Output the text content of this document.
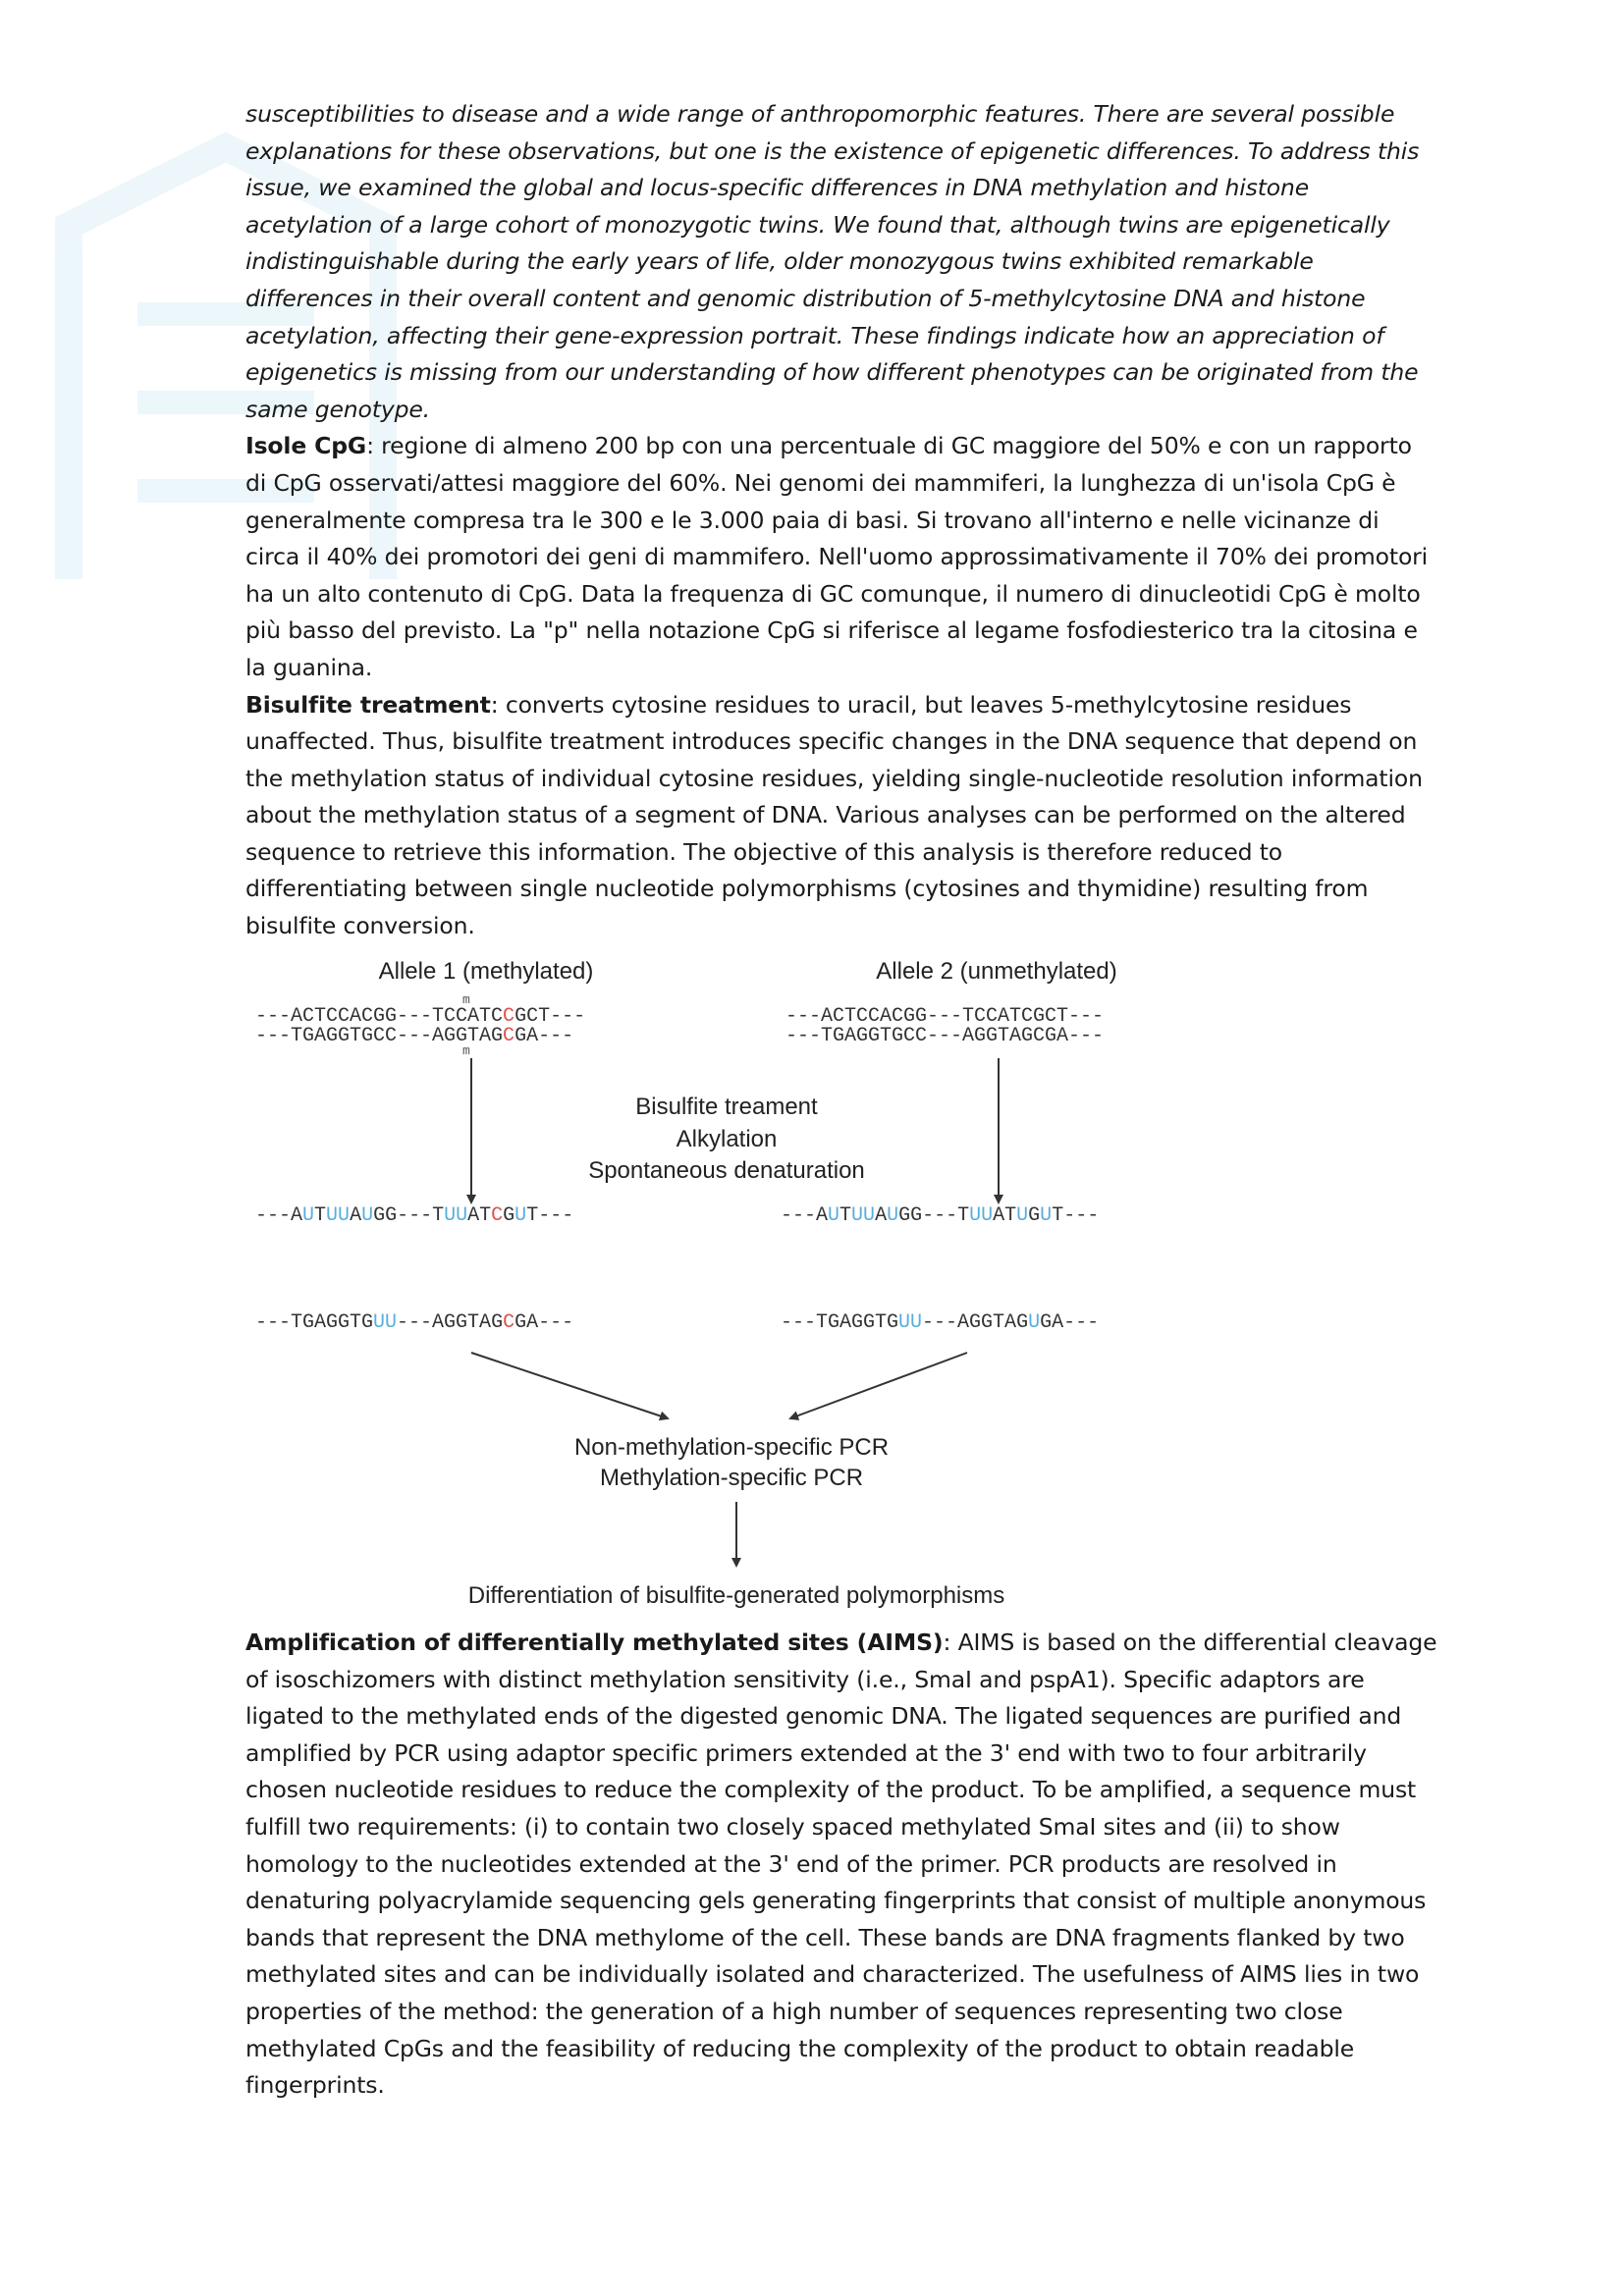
susceptibilities to disease and a wide range of anthropomorphic features. There are several possible explanations for these observations, but one is the existence of epigenetic differences. To address this issue, we examined the global and locus-specific differences in DNA methylation and histone acetylation of a large cohort of monozygotic twins. We found that, although twins are epigenetically indistinguishable during the early years of life, older monozygous twins exhibited remarkable differences in their overall content and genomic distribution of 5-methylcytosine DNA and histone acetylation, affecting their gene-expression portrait. These findings indicate how an appreciation of epigenetics is missing from our understanding of how different phenotypes can be originated from the same genotype.

Isole CpG: regione di almeno 200 bp con una percentuale di GC maggiore del 50% e con un rapporto di CpG osservati/attesi maggiore del 60%. Nei genomi dei mammiferi, la lunghezza di un'isola CpG è generalmente compresa tra le 300 e le 3.000 paia di basi. Si trovano all'interno e nelle vicinanze di circa il 40% dei promotori dei geni di mammifero. Nell'uomo approssimativamente il 70% dei promotori ha un alto contenuto di CpG. Data la frequenza di GC comunque, il numero di dinucleotidi CpG è molto più basso del previsto. La "p" nella notazione CpG si riferisce al legame fosfodiesterico tra la citosina e la guanina.

Bisulfite treatment: converts cytosine residues to uracil, but leaves 5-methylcytosine residues unaffected. Thus, bisulfite treatment introduces specific changes in the DNA sequence that depend on the methylation status of individual cytosine residues, yielding single-nucleotide resolution information about the methylation status of a segment of DNA. Various analyses can be performed on the altered sequence to retrieve this information. The objective of this analysis is therefore reduced to differentiating between single nucleotide polymorphisms (cytosines and thymidine) resulting from bisulfite conversion.

Allele 1 (methylated)	Allele 2 (unmethylated)
m
---ACTCCACGG---TCCATCCGCT---
---TGAGGTGCC---AGGTAGCGA---
m
---ACTCCACGG---TCCATCGCT---
---TGAGGTGCC---AGGTAGCGA---
Bisulfite treament
Alkylation
Spontaneous denaturation
---AUTUUAUGG---TUUATCGUT---	---AUTUUAUGG---TUUATUGUT---
---TGAGGTGUU---AGGTAGCGA---	---TGAGGTGUU---AGGTAGUGA---
Non-methylation-specific PCR
Methylation-specific PCR
Differentiation of bisulfite-generated polymorphisms

Amplification of differentially methylated sites (AIMS): AIMS is based on the differential cleavage of isoschizomers with distinct methylation sensitivity (i.e., SmaI and pspA1). Specific adaptors are ligated to the methylated ends of the digested genomic DNA. The ligated sequences are purified and amplified by PCR using adaptor specific primers extended at the 3' end with two to four arbitrarily chosen nucleotide residues to reduce the complexity of the product. To be amplified, a sequence must fulfill two requirements: (i) to contain two closely spaced methylated SmaI sites and (ii) to show homology to the nucleotides extended at the 3' end of the primer. PCR products are resolved in denaturing polyacrylamide sequencing gels generating fingerprints that consist of multiple anonymous bands that represent the DNA methylome of the cell. These bands are DNA fragments flanked by two methylated sites and can be individually isolated and characterized. The usefulness of AIMS lies in two properties of the method: the generation of a high number of sequences representing two close methylated CpGs and the feasibility of reducing the complexity of the product to obtain readable fingerprints.
